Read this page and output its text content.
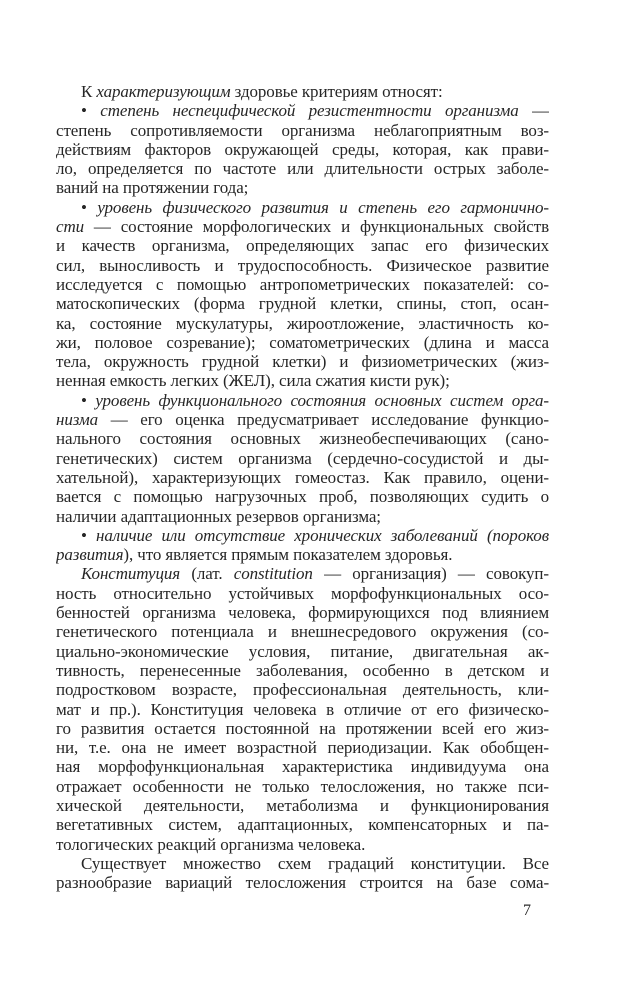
К характеризующим здоровье критериям относят:
• степень неспецифической резистентности организма —
степень сопротивляемости организма неблагоприятным воз-
действиям факторов окружающей среды, которая, как прави-
ло, определяется по частоте или длительности острых заболе-
ваний на протяжении года;
• уровень физического развития и степень его гармонично-
сти — состояние морфологических и функциональных свойств
и качеств организма, определяющих запас его физических
сил, выносливость и трудоспособность. Физическое развитие
исследуется с помощью антропометрических показателей: со-
матоскопических (форма грудной клетки, спины, стоп, осан-
ка, состояние мускулатуры, жироотложение, эластичность ко-
жи, половое созревание); соматометрических (длина и масса
тела, окружность грудной клетки) и физиометрических (жиз-
ненная емкость легких (ЖЕЛ), сила сжатия кисти рук);
• уровень функционального состояния основных систем орга-
низма — его оценка предусматривает исследование функцио-
нального состояния основных жизнеобеспечивающих (сано-
генетических) систем организма (сердечно-сосудистой и ды-
хательной), характеризующих гомеостаз. Как правило, оцени-
вается с помощью нагрузочных проб, позволяющих судить о
наличии адаптационных резервов организма;
• наличие или отсутствие хронических заболеваний (пороков
развития), что является прямым показателем здоровья.
Конституция (лат. constitution — организация) — совокуп-
ность относительно устойчивых морфофункциональных осо-
бенностей организма человека, формирующихся под влиянием
генетического потенциала и внешнесредового окружения (со-
циально-экономические условия, питание, двигательная ак-
тивность, перенесенные заболевания, особенно в детском и
подростковом возрасте, профессиональная деятельность, кли-
мат и пр.). Конституция человека в отличие от его физическо-
го развития остается постоянной на протяжении всей его жиз-
ни, т.е. она не имеет возрастной периодизации. Как обобщен-
ная морфофункциональная характеристика индивидуума она
отражает особенности не только телосложения, но также пси-
хической деятельности, метаболизма и функционирования
вегетативных систем, адаптационных, компенсаторных и па-
тологических реакций организма человека.
Существует множество схем градаций конституции. Все
разнообразие вариаций телосложения строится на базе сома-
7
